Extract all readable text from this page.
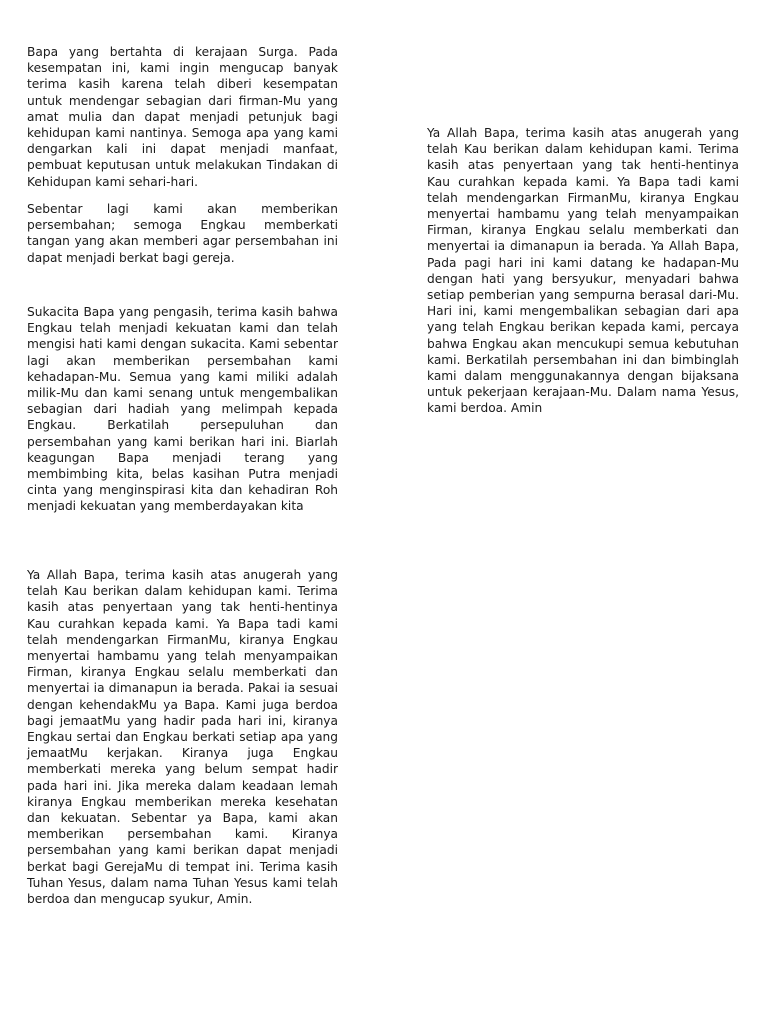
Bapa yang bertahta di kerajaan Surga. Pada kesempatan ini, kami ingin mengucap banyak terima kasih karena telah diberi kesempatan untuk mendengar sebagian dari firman-Mu yang amat mulia dan dapat menjadi petunjuk bagi kehidupan kami nantinya. Semoga apa yang kami dengarkan kali ini dapat menjadi manfaat, pembuat keputusan untuk melakukan Tindakan di Kehidupan kami sehari-hari.

Sebentar lagi kami akan memberikan persembahan; semoga Engkau memberkati tangan yang akan memberi agar persembahan ini dapat menjadi berkat bagi gereja.

Sukacita Bapa yang pengasih, terima kasih bahwa Engkau telah menjadi kekuatan kami dan telah mengisi hati kami dengan sukacita. Kami sebentar lagi akan memberikan persembahan kami kehadapan-Mu. Semua yang kami miliki adalah milik-Mu dan kami senang untuk mengembalikan sebagian dari hadiah yang melimpah kepada Engkau. Berkatilah persepuluhan dan persembahan yang kami berikan hari ini. Biarlah keagungan Bapa menjadi terang yang membimbing kita, belas kasihan Putra menjadi cinta yang menginspirasi kita dan kehadiran Roh menjadi kekuatan yang memberdayakan kita

Ya Allah Bapa, terima kasih atas anugerah yang telah Kau berikan dalam kehidupan kami. Terima kasih atas penyertaan yang tak henti-hentinya Kau curahkan kepada kami. Ya Bapa tadi kami telah mendengarkan FirmanMu, kiranya Engkau menyertai hambamu yang telah menyampaikan Firman, kiranya Engkau selalu memberkati dan menyertai ia dimanapun ia berada. Pakai ia sesuai dengan kehendakMu ya Bapa. Kami juga berdoa bagi jemaatMu yang hadir pada hari ini, kiranya Engkau sertai dan Engkau berkati setiap apa yang jemaatMu kerjakan. Kiranya juga Engkau memberkati mereka yang belum sempat hadir pada hari ini. Jika mereka dalam keadaan lemah kiranya Engkau memberikan mereka kesehatan dan kekuatan. Sebentar ya Bapa, kami akan memberikan persembahan kami. Kiranya persembahan yang kami berikan dapat menjadi berkat bagi GerejaMu di tempat ini. Terima kasih Tuhan Yesus, dalam nama Tuhan Yesus kami telah berdoa dan mengucap syukur, Amin.

Ya Allah Bapa, terima kasih atas anugerah yang telah Kau berikan dalam kehidupan kami. Terima kasih atas penyertaan yang tak henti-hentinya Kau curahkan kepada kami. Ya Bapa tadi kami telah mendengarkan FirmanMu, kiranya Engkau menyertai hambamu yang telah menyampaikan Firman, kiranya Engkau selalu memberkati dan menyertai ia dimanapun ia berada. Ya Allah Bapa, Pada pagi hari ini kami datang ke hadapan-Mu dengan hati yang bersyukur, menyadari bahwa setiap pemberian yang sempurna berasal dari-Mu. Hari ini, kami mengembalikan sebagian dari apa yang telah Engkau berikan kepada kami, percaya bahwa Engkau akan mencukupi semua kebutuhan kami. Berkatilah persembahan ini dan bimbinglah kami dalam menggunakannya dengan bijaksana untuk pekerjaan kerajaan-Mu. Dalam nama Yesus, kami berdoa. Amin
